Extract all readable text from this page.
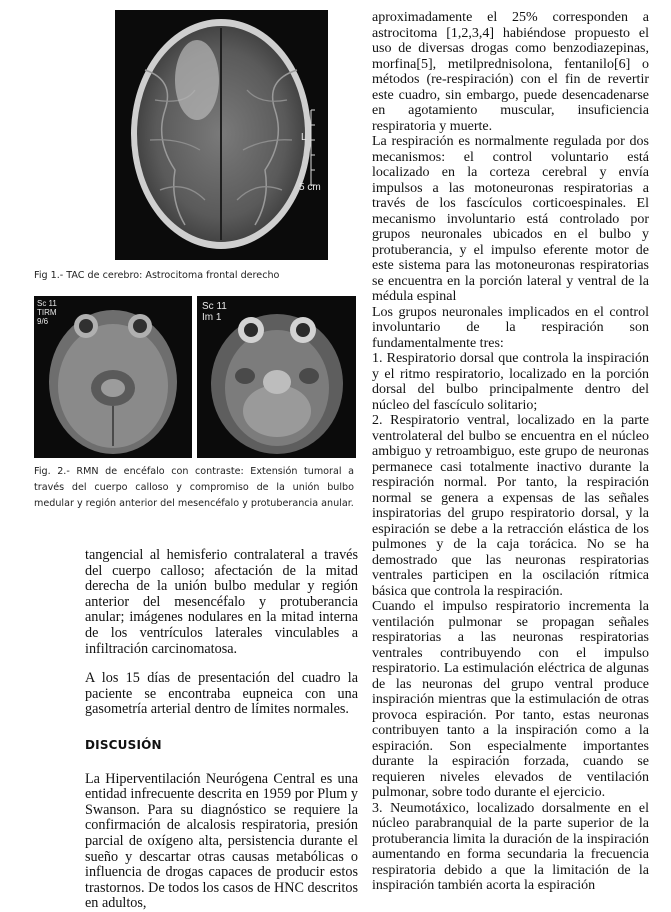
L
5 cm
Fig 1.- TAC de cerebro: Astrocitoma frontal derecho
Sc 11
TIRM
9/6
Sc 11
Im 1
Fig. 2.- RMN de encéfalo con contraste: Extensión tumoral a través del cuerpo calloso y compromiso de la unión bulbo medular y región anterior del mesencéfalo y protuberancia anular.

tangencial al hemisferio contralateral a través del cuerpo calloso; afectación de la mitad derecha de la unión bulbo medular y región anterior del mesencéfalo y protuberancia anular; imágenes nodulares en la mitad interna de los ventrículos laterales vinculables a infiltración carcinomatosa.

A los 15 días de presentación del cuadro la paciente se encontraba eupneica con una gasometría arterial dentro de límites normales.

DISCUSIÓN

La Hiperventilación Neurógena Central es una entidad infrecuente descrita en 1959 por Plum y Swanson. Para su diagnóstico se requiere la confirmación de alcalosis respiratoria, presión parcial de oxígeno alta, persistencia durante el sueño y descartar otras causas metabólicas o influencia de drogas capaces de producir estos trastornos. De todos los casos de HNC descritos en adultos,

aproximadamente el 25% corresponden a astrocitoma [1,2,3,4] habiéndose propuesto el uso de diversas drogas como benzodiazepinas, morfina[5], metilprednisolona, fentanilo[6] o métodos (re-respiración) con el fin de revertir este cuadro, sin embargo, puede desencadenarse en agotamiento muscular, insuficiencia respiratoria y muerte.

La respiración es normalmente regulada por dos mecanismos: el control voluntario está localizado en la corteza cerebral y envía impulsos a las motoneuronas respiratorias a través de los fascículos corticoespinales. El mecanismo involuntario está controlado por grupos neuronales ubicados en el bulbo y protuberancia, y el impulso eferente motor de este sistema para las motoneuronas respiratorias se encuentra en la porción lateral y ventral de la médula espinal

Los grupos neuronales implicados en el control involuntario de la respiración son fundamentalmente tres:

1. Respiratorio dorsal que controla la inspiración y el ritmo respiratorio, localizado en la porción dorsal del bulbo principalmente dentro del núcleo del fascículo solitario;

2. Respiratorio ventral, localizado en la parte ventrolateral del bulbo se encuentra en el núcleo ambiguo y retroambiguo, este grupo de neuronas permanece casi totalmente inactivo durante la respiración normal. Por tanto, la respiración normal se genera a expensas de las señales inspiratorias del grupo respiratorio dorsal, y la espiración se debe a la retracción elástica de los pulmones y de la caja torácica. No se ha demostrado que las neuronas respiratorias ventrales participen en la oscilación rítmica básica que controla la respiración.

Cuando el impulso respiratorio incrementa la ventilación pulmonar se propagan señales respiratorias a las neuronas respiratorias ventrales contribuyendo con el impulso respiratorio. La estimulación eléctrica de algunas de las neuronas del grupo ventral produce inspiración mientras que la estimulación de otras provoca espiración. Por tanto, estas neuronas contribuyen tanto a la inspiración como a la espiración. Son especialmente importantes durante la espiración forzada, cuando se requieren niveles elevados de ventilación pulmonar, sobre todo durante el ejercicio.

3. Neumotáxico, localizado dorsalmente en el núcleo parabranquial de la parte superior de la protuberancia limita la duración de la inspiración aumentando en forma secundaria la frecuencia respiratoria debido a que la limitación de la inspiración también acorta la espiración
